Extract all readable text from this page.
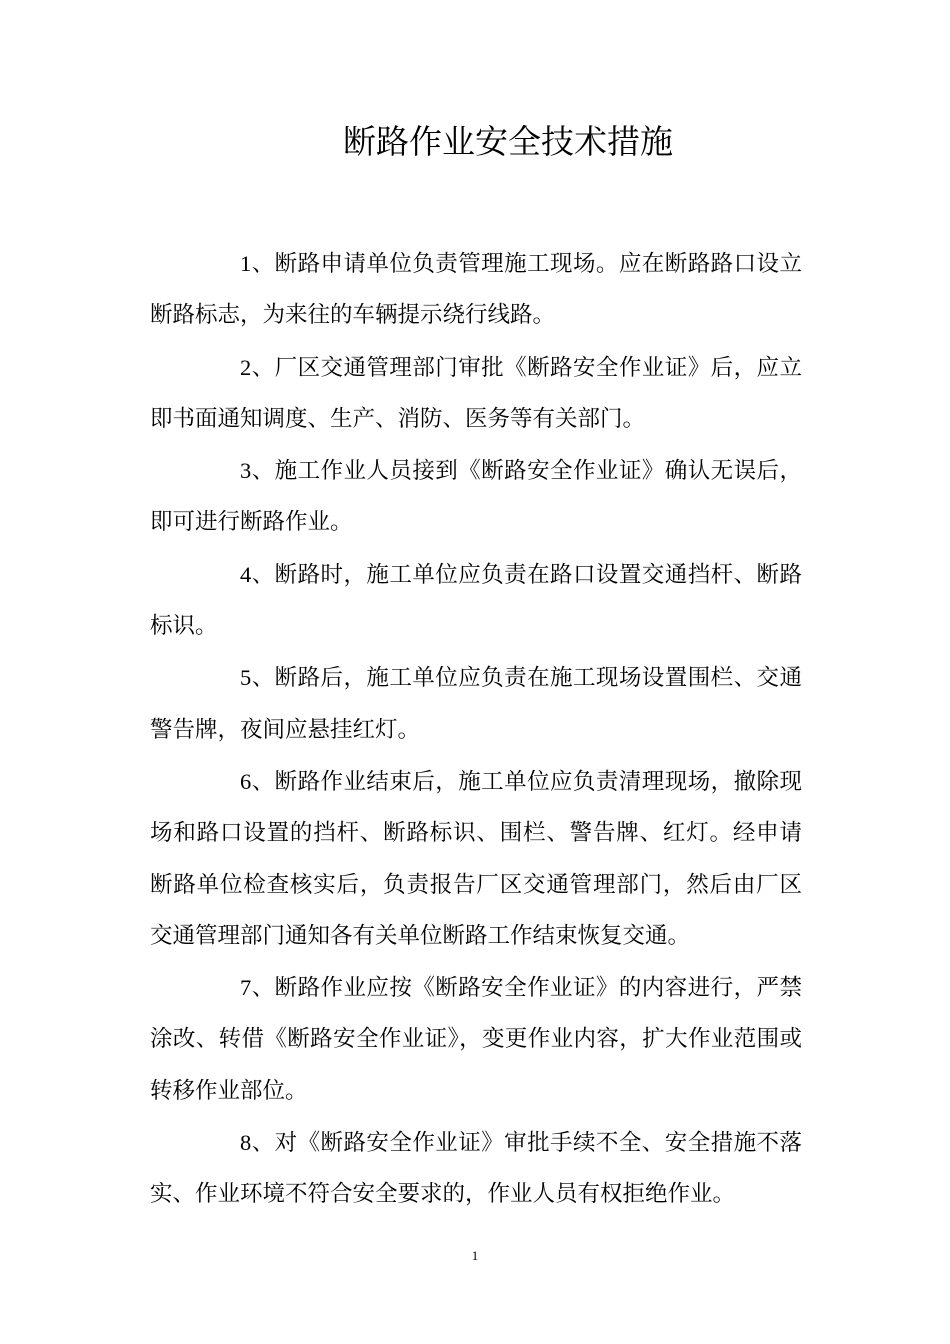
断路作业安全技术措施

1、断路申请单位负责管理施工现场。应在断路路口设立断路标志，为来往的车辆提示绕行线路。

2、厂区交通管理部门审批《断路安全作业证》后，应立即书面通知调度、生产、消防、医务等有关部门。

3、施工作业人员接到《断路安全作业证》确认无误后，即可进行断路作业。

4、断路时，施工单位应负责在路口设置交通挡杆、断路标识。

5、断路后，施工单位应负责在施工现场设置围栏、交通警告牌，夜间应悬挂红灯。

6、断路作业结束后，施工单位应负责清理现场，撤除现场和路口设置的挡杆、断路标识、围栏、警告牌、红灯。经申请断路单位检查核实后，负责报告厂区交通管理部门，然后由厂区交通管理部门通知各有关单位断路工作结束恢复交通。

7、断路作业应按《断路安全作业证》的内容进行，严禁涂改、转借《断路安全作业证》，变更作业内容，扩大作业范围或转移作业部位。

8、对《断路安全作业证》审批手续不全、安全措施不落实、作业环境不符合安全要求的，作业人员有权拒绝作业。

1
